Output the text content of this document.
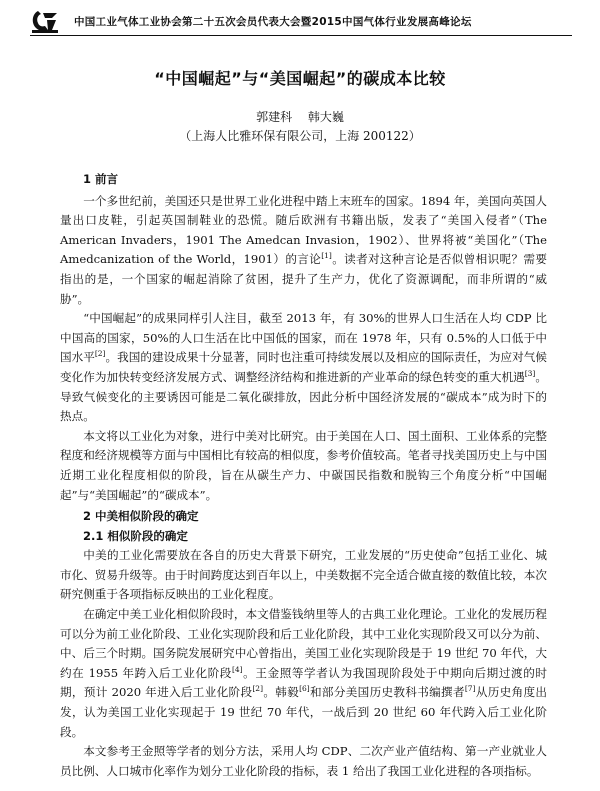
中国工业气体工业协会第二十五次会员代表大会暨2015中国气体行业发展高峰论坛
“中国崛起”与“美国崛起”的碳成本比较
郭建科 韩大巍
（上海人比雅环保有限公司，上海 200122）
1 前言

一个多世纪前，美国还只是世界工业化进程中踏上末班车的国家。1894 年，美国向英国人量出口皮鞋，引起英国制鞋业的恐慌。随后欧洲有书籍出版，发表了“美国入侵者”（The American Invaders，1901 The Amedcan Invasion，1902）、世界将被“美国化”（The Amedcanization of the World，1901）的言论[1]。读者对这种言论是否似曾相识呢？需要指出的是，一个国家的崛起消除了贫困，提升了生产力，优化了资源调配，而非所谓的“威胁”。

“中国崛起”的成果同样引人注目，截至 2013 年，有 30%的世界人口生活在人均 CDP 比中国高的国家，50%的人口生活在比中国低的国家，而在 1978 年，只有 0.5%的人口低于中国水平[2]。我国的建设成果十分显著，同时也注重可持续发展以及相应的国际责任，为应对气候变化作为加快转变经济发展方式、调整经济结构和推进新的产业革命的绿色转变的重大机遇[3]。导致气候变化的主要诱因可能是二氧化碳排放，因此分析中国经济发展的“碳成本”成为时下的热点。

本文将以工业化为对象，进行中美对比研究。由于美国在人口、国土面积、工业体系的完整程度和经济规模等方面与中国相比有较高的相似度，参考价值较高。笔者寻找美国历史上与中国近期工业化程度相似的阶段，旨在从碳生产力、中碳国民指数和脱钩三个角度分析“中国崛起”与“美国崛起”的“碳成本”。

2 中美相似阶段的确定
2.1 相似阶段的确定

中美的工业化需要放在各自的历史大背景下研究，工业发展的“历史使命”包括工业化、城市化、贸易升级等。由于时间跨度达到百年以上，中美数据不完全适合做直接的数值比较，本次研究侧重于各项指标反映出的工业化程度。

在确定中美工业化相似阶段时，本文借鉴钱纳里等人的古典工业化理论。工业化的发展历程可以分为前工业化阶段、工业化实现阶段和后工业化阶段，其中工业化实现阶段又可以分为前、中、后三个时期。国务院发展研究中心曾指出，美国工业化实现阶段是于 19 世纪 70 年代，大约在 1955 年跨入后工业化阶段[4]。王金照等学者认为我国现阶段处于中期向后期过渡的时期，预计 2020 年进入后工业化阶段[2]。韩毅[6]和部分美国历史教科书编撰者[7]从历史角度出发，认为美国工业化实现起于 19 世纪 70 年代，一战后到 20 世纪 60 年代跨入后工业化阶段。

本文参考王金照等学者的划分方法，采用人均 CDP、二次产业产值结构、第一产业就业人员比例、人口城市化率作为划分工业化阶段的指标，表 1 给出了我国工业化进程的各项指标。
